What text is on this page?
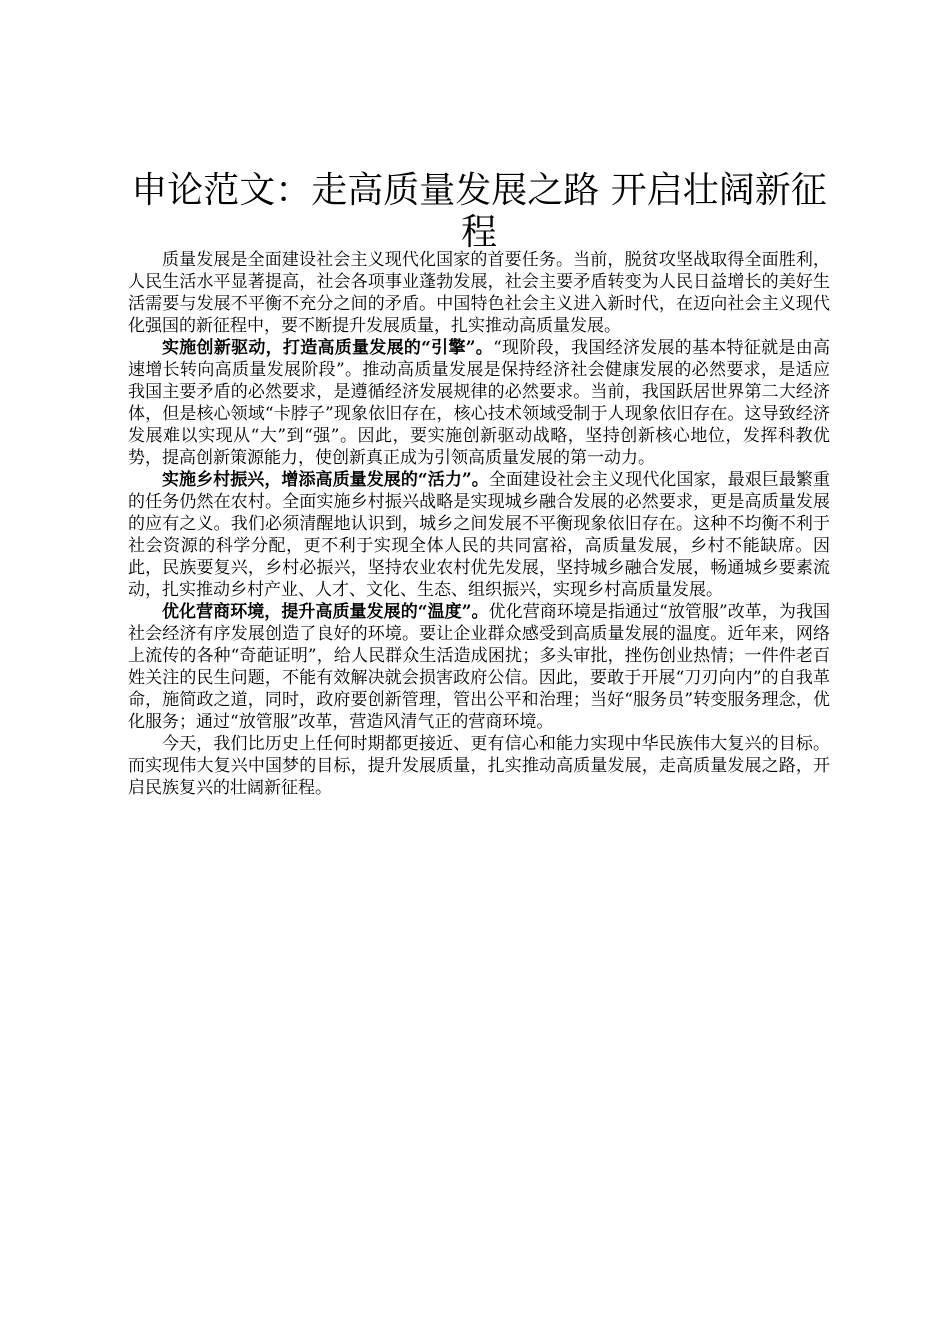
申论范文：走高质量发展之路 开启壮阔新征程

质量发展是全面建设社会主义现代化国家的首要任务。当前，脱贫攻坚战取得全面胜利，人民生活水平显著提高，社会各项事业蓬勃发展，社会主要矛盾转变为人民日益增长的美好生活需要与发展不平衡不充分之间的矛盾。中国特色社会主义进入新时代，在迈向社会主义现代化强国的新征程中，要不断提升发展质量，扎实推动高质量发展。

实施创新驱动，打造高质量发展的“引擎”。“现阶段，我国经济发展的基本特征就是由高速增长转向高质量发展阶段”。推动高质量发展是保持经济社会健康发展的必然要求，是适应我国主要矛盾的必然要求，是遵循经济发展规律的必然要求。当前，我国跃居世界第二大经济体，但是核心领域“卡脖子”现象依旧存在，核心技术领域受制于人现象依旧存在。这导致经济发展难以实现从“大”到“强”。因此，要实施创新驱动战略，坚持创新核心地位，发挥科教优势，提高创新策源能力，使创新真正成为引领高质量发展的第一动力。

实施乡村振兴，增添高质量发展的“活力”。全面建设社会主义现代化国家，最艰巨最繁重的任务仍然在农村。全面实施乡村振兴战略是实现城乡融合发展的必然要求，更是高质量发展的应有之义。我们必须清醒地认识到，城乡之间发展不平衡现象依旧存在。这种不均衡不利于社会资源的科学分配，更不利于实现全体人民的共同富裕，高质量发展，乡村不能缺席。因此，民族要复兴，乡村必振兴，坚持农业农村优先发展，坚持城乡融合发展，畅通城乡要素流动，扎实推动乡村产业、人才、文化、生态、组织振兴，实现乡村高质量发展。

优化营商环境，提升高质量发展的“温度”。优化营商环境是指通过“放管服”改革，为我国社会经济有序发展创造了良好的环境。要让企业群众感受到高质量发展的温度。近年来，网络上流传的各种“奇葩证明”，给人民群众生活造成困扰；多头审批，挫伤创业热情；一件件老百姓关注的民生问题，不能有效解决就会损害政府公信。因此，要敢于开展“刀刃向内”的自我革命，施简政之道，同时，政府要创新管理，管出公平和治理；当好“服务员”转变服务理念，优化服务；通过“放管服”改革，营造风清气正的营商环境。

今天，我们比历史上任何时期都更接近、更有信心和能力实现中华民族伟大复兴的目标。而实现伟大复兴中国梦的目标，提升发展质量，扎实推动高质量发展，走高质量发展之路，开启民族复兴的壮阔新征程。
